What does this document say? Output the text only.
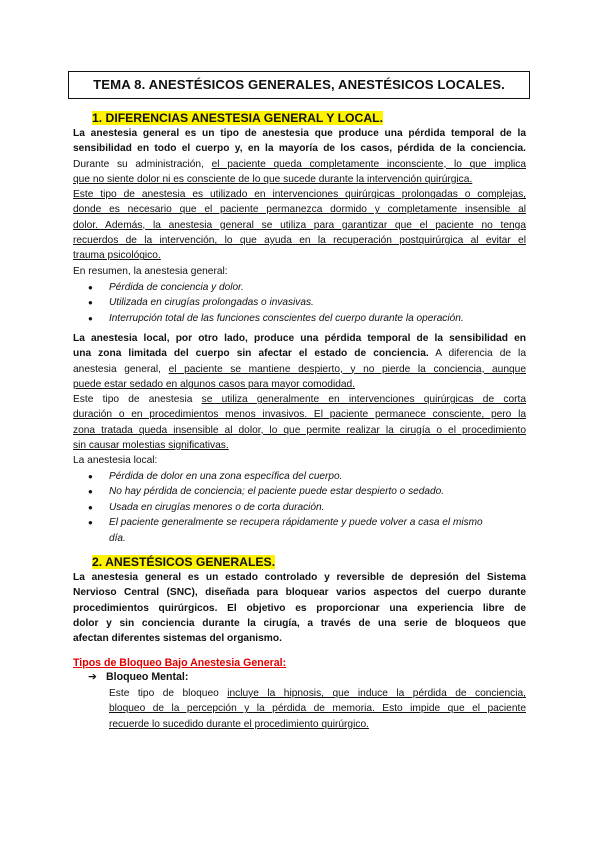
TEMA 8. ANESTÉSICOS GENERALES, ANESTÉSICOS LOCALES.
1. DIFERENCIAS ANESTESIA GENERAL Y LOCAL.
La anestesia general es un tipo de anestesia que produce una pérdida temporal de la
sensibilidad en todo el cuerpo y, en la mayoría de los casos, pérdida de la conciencia.
Durante su administración, el paciente queda completamente inconsciente, lo que implica
que no siente dolor ni es consciente de lo que sucede durante la intervención quirúrgica.
Este tipo de anestesia es utilizado en intervenciones quirúrgicas prolongadas o complejas,
donde es necesario que el paciente permanezca dormido y completamente insensible al
dolor. Además, la anestesia general se utiliza para garantizar que el paciente no tenga
recuerdos de la intervención, lo que ayuda en la recuperación postquirúrgica al evitar el
trauma psicológico.
En resumen, la anestesia general:
● Pérdida de conciencia y dolor.
● Utilizada en cirugías prolongadas o invasivas.
● Interrupción total de las funciones conscientes del cuerpo durante la operación.
La anestesia local, por otro lado, produce una pérdida temporal de la sensibilidad en
una zona limitada del cuerpo sin afectar el estado de conciencia. A diferencia de la
anestesia general, el paciente se mantiene despierto, y no pierde la conciencia, aunque
puede estar sedado en algunos casos para mayor comodidad.
Este tipo de anestesia se utiliza generalmente en intervenciones quirúrgicas de corta
duración o en procedimientos menos invasivos. El paciente permanece consciente, pero la
zona tratada queda insensible al dolor, lo que permite realizar la cirugía o el procedimiento
sin causar molestias significativas.
La anestesia local:
● Pérdida de dolor en una zona específica del cuerpo.
● No hay pérdida de conciencia; el paciente puede estar despierto o sedado.
● Usada en cirugías menores o de corta duración.
● El paciente generalmente se recupera rápidamente y puede volver a casa el mismo
día.
2. ANESTÉSICOS GENERALES.
La anestesia general es un estado controlado y reversible de depresión del Sistema
Nervioso Central (SNC), diseñada para bloquear varios aspectos del cuerpo durante
procedimientos quirúrgicos. El objetivo es proporcionar una experiencia libre de
dolor y sin conciencia durante la cirugía, a través de una serie de bloqueos que
afectan diferentes sistemas del organismo.
Tipos de Bloqueo Bajo Anestesia General:
➔ Bloqueo Mental:
Este tipo de bloqueo incluye la hipnosis, que induce la pérdida de conciencia,
bloqueo de la percepción y la pérdida de memoria. Esto impide que el paciente
recuerde lo sucedido durante el procedimiento quirúrgico.
